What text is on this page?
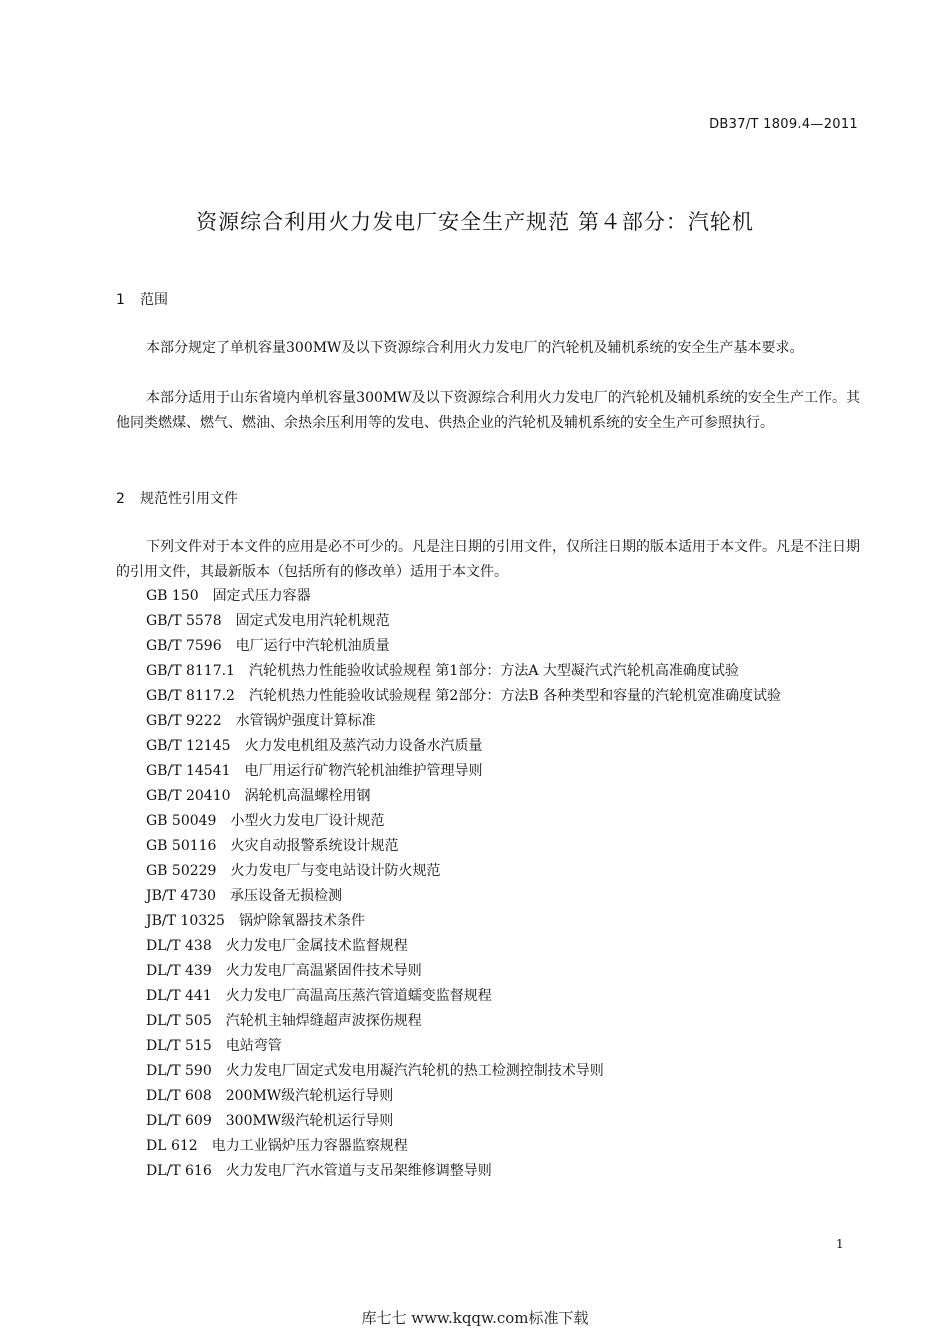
DB37/T 1809.4—2011
资源综合利用火力发电厂安全生产规范 第４部分：汽轮机
1 范围

本部分规定了单机容量300MW及以下资源综合利用火力发电厂的汽轮机及辅机系统的安全生产基本要求。

本部分适用于山东省境内单机容量300MW及以下资源综合利用火力发电厂的汽轮机及辅机系统的安全生产工作。其他同类燃煤、燃气、燃油、余热余压利用等的发电、供热企业的汽轮机及辅机系统的安全生产可参照执行。

2 规范性引用文件

下列文件对于本文件的应用是必不可少的。凡是注日期的引用文件，仅所注日期的版本适用于本文件。凡是不注日期的引用文件，其最新版本（包括所有的修改单）适用于本文件。

GB 150 固定式压力容器
GB/T 5578 固定式发电用汽轮机规范
GB/T 7596 电厂运行中汽轮机油质量
GB/T 8117.1 汽轮机热力性能验收试验规程 第1部分：方法A 大型凝汽式汽轮机高准确度试验
GB/T 8117.2 汽轮机热力性能验收试验规程 第2部分：方法B 各种类型和容量的汽轮机宽准确度试验
GB/T 9222 水管锅炉强度计算标准
GB/T 12145 火力发电机组及蒸汽动力设备水汽质量
GB/T 14541 电厂用运行矿物汽轮机油维护管理导则
GB/T 20410 涡轮机高温螺栓用钢
GB 50049 小型火力发电厂设计规范
GB 50116 火灾自动报警系统设计规范
GB 50229 火力发电厂与变电站设计防火规范
JB/T 4730 承压设备无损检测
JB/T 10325 锅炉除氧器技术条件
DL/T 438 火力发电厂金属技术监督规程
DL/T 439 火力发电厂高温紧固件技术导则
DL/T 441 火力发电厂高温高压蒸汽管道蠕变监督规程
DL/T 505 汽轮机主轴焊缝超声波探伤规程
DL/T 515 电站弯管
DL/T 590 火力发电厂固定式发电用凝汽汽轮机的热工检测控制技术导则
DL/T 608 200MW级汽轮机运行导则
DL/T 609 300MW级汽轮机运行导则
DL 612 电力工业锅炉压力容器监察规程
DL/T 616 火力发电厂汽水管道与支吊架维修调整导则
1
库七七 www.kqqw.com标准下载
